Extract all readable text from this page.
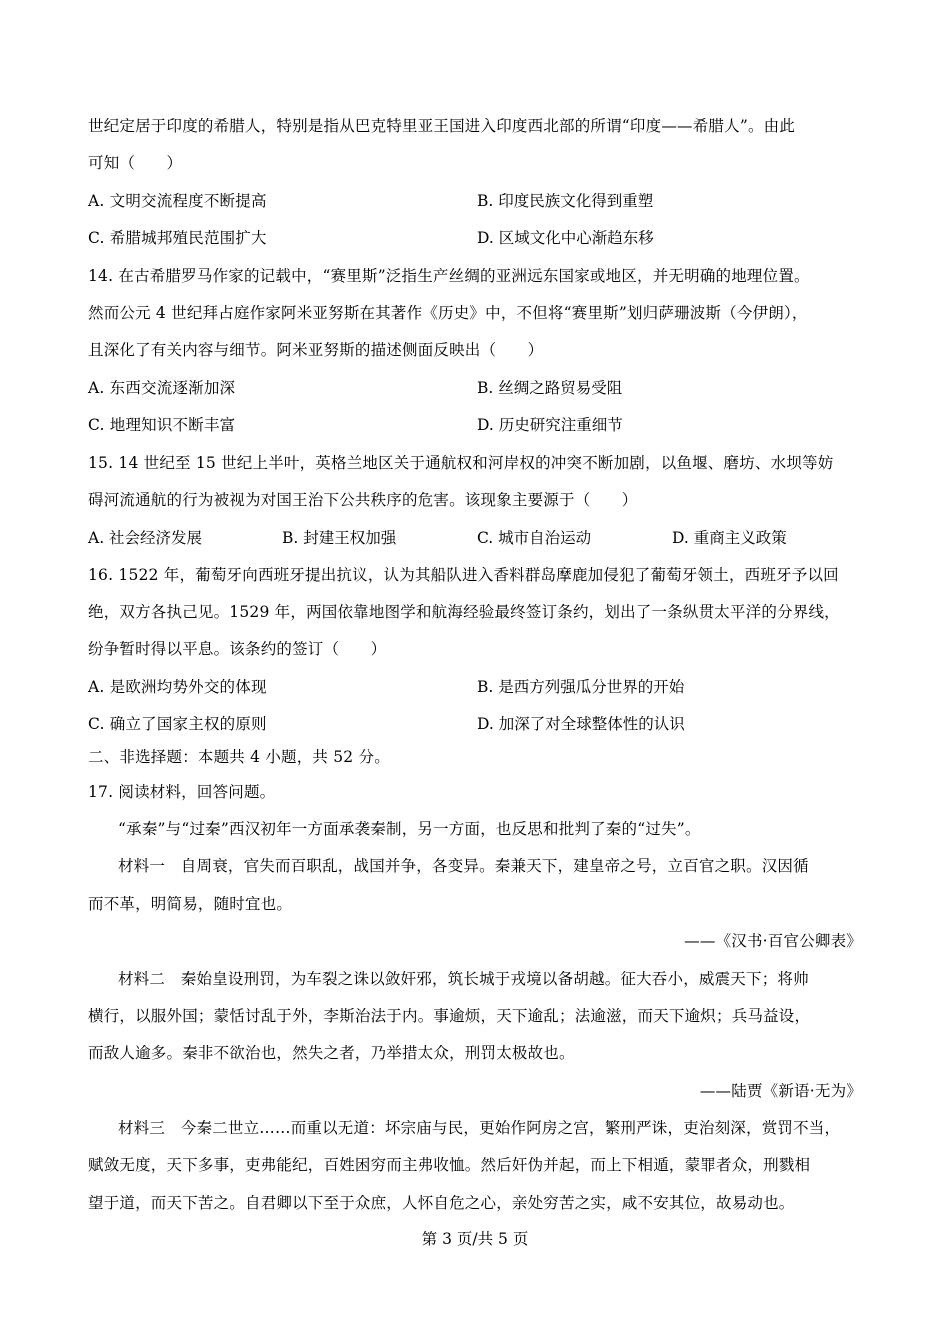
世纪定居于印度的希腊人，特别是指从巴克特里亚王国进入印度西北部的所谓“印度——希腊人”。由此
可知（　　）
A. 文明交流程度不断提高	B. 印度民族文化得到重塑
C. 希腊城邦殖民范围扩大	D. 区域文化中心渐趋东移
14. 在古希腊罗马作家的记载中，“赛里斯”泛指生产丝绸的亚洲远东国家或地区，并无明确的地理位置。
然而公元 4 世纪拜占庭作家阿米亚努斯在其著作《历史》中，不但将“赛里斯”划归萨珊波斯（今伊朗），
且深化了有关内容与细节。阿米亚努斯的描述侧面反映出（　　）
A. 东西交流逐渐加深	B. 丝绸之路贸易受阻
C. 地理知识不断丰富	D. 历史研究注重细节
15. 14 世纪至 15 世纪上半叶，英格兰地区关于通航权和河岸权的冲突不断加剧，以鱼堰、磨坊、水坝等妨
碍河流通航的行为被视为对国王治下公共秩序的危害。该现象主要源于（　　）
A. 社会经济发展	B. 封建王权加强	C. 城市自治运动	D. 重商主义政策
16. 1522 年，葡萄牙向西班牙提出抗议，认为其船队进入香料群岛摩鹿加侵犯了葡萄牙领土，西班牙予以回
绝，双方各执己见。1529 年，两国依靠地图学和航海经验最终签订条约，划出了一条纵贯太平洋的分界线，
纷争暂时得以平息。该条约的签订（　　）
A. 是欧洲均势外交的体现	B. 是西方列强瓜分世界的开始
C. 确立了国家主权的原则	D. 加深了对全球整体性的认识
二、非选择题：本题共 4 小题，共 52 分。
17. 阅读材料，回答问题。
“承秦”与“过秦”西汉初年一方面承袭秦制，另一方面，也反思和批判了秦的“过失”。
材料一　自周衰，官失而百职乱，战国并争，各变异。秦兼天下，建皇帝之号，立百官之职。汉因循
而不革，明简易，随时宜也。
——《汉书·百官公卿表》
材料二　秦始皇设刑罚，为车裂之诛以敛奸邪，筑长城于戎境以备胡越。征大吞小，威震天下；将帅
横行，以服外国；蒙恬讨乱于外，李斯治法于内。事逾烦，天下逾乱；法逾滋，而天下逾炽；兵马益设，
而敌人逾多。秦非不欲治也，然失之者，乃举措太众，刑罚太极故也。
——陆贾《新语·无为》
材料三　今秦二世立……而重以无道：坏宗庙与民，更始作阿房之宫，繁刑严诛，吏治刻深，赏罚不当，
赋敛无度，天下多事，吏弗能纪，百姓困穷而主弗收恤。然后奸伪并起，而上下相遁，蒙罪者众，刑戮相
望于道，而天下苦之。自君卿以下至于众庶，人怀自危之心，亲处穷苦之实，咸不安其位，故易动也。
第 3 页/共 5 页
